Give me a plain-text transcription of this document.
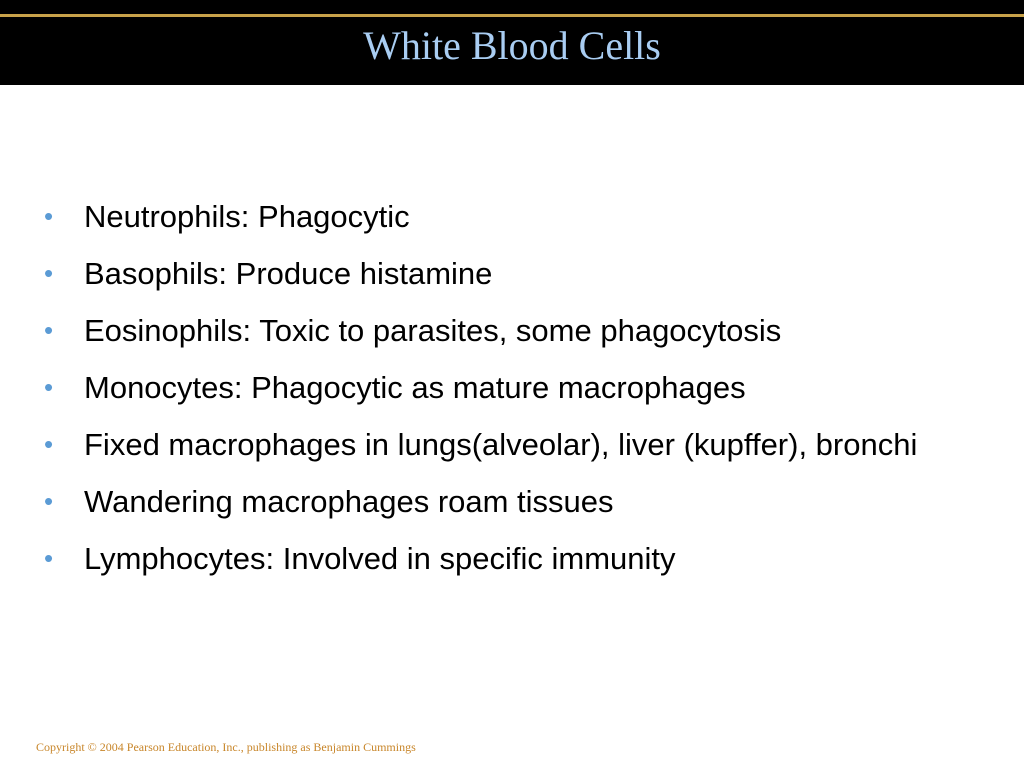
White Blood Cells
• Neutrophils: Phagocytic
• Basophils: Produce histamine
• Eosinophils: Toxic to parasites, some phagocytosis
• Monocytes: Phagocytic as mature macrophages
• Fixed macrophages in lungs(alveolar), liver (kupffer), bronchi
• Wandering macrophages roam tissues
• Lymphocytes: Involved in specific immunity
Copyright © 2004 Pearson Education, Inc., publishing as Benjamin Cummings
